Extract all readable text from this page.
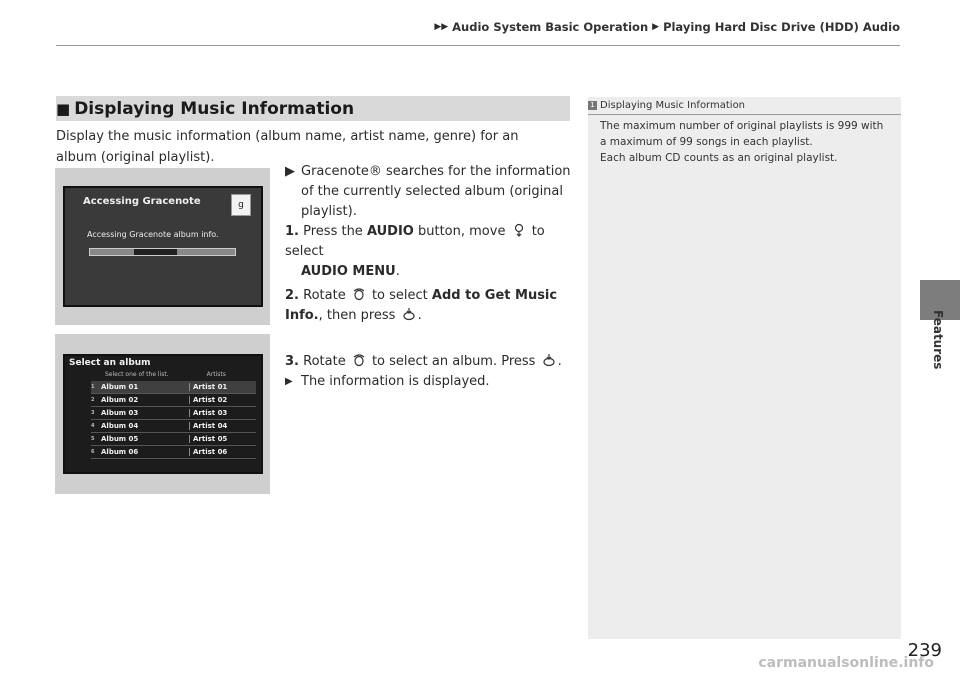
▶▶ Audio System Basic Operation ▶ Playing Hard Disc Drive (HDD) Audio
Features
■ Displaying Music Information
Display the music information (album name, artist name, genre) for an album (original playlist).
Accessing Gracenote	g
Accessing Gracenote album info.
Select an album
Select one of the list.	Artists
1 Album 01	Artist 01
2 Album 02	Artist 02
3 Album 03	Artist 03
4 Album 04	Artist 04
5 Album 05	Artist 05
6 Album 06	Artist 06
▶ Gracenote® searches for the information of the currently selected album (original playlist).
1. Press the AUDIO button, move  to select
AUDIO MENU.
2. Rotate  to select Add to Get Music Info., then press .
3. Rotate  to select an album. Press .
▶ The information is displayed.
1 Displaying Music Information
The maximum number of original playlists is 999 with a maximum of 99 songs in each playlist.
Each album CD counts as an original playlist.
239
carmanualsonline.info
